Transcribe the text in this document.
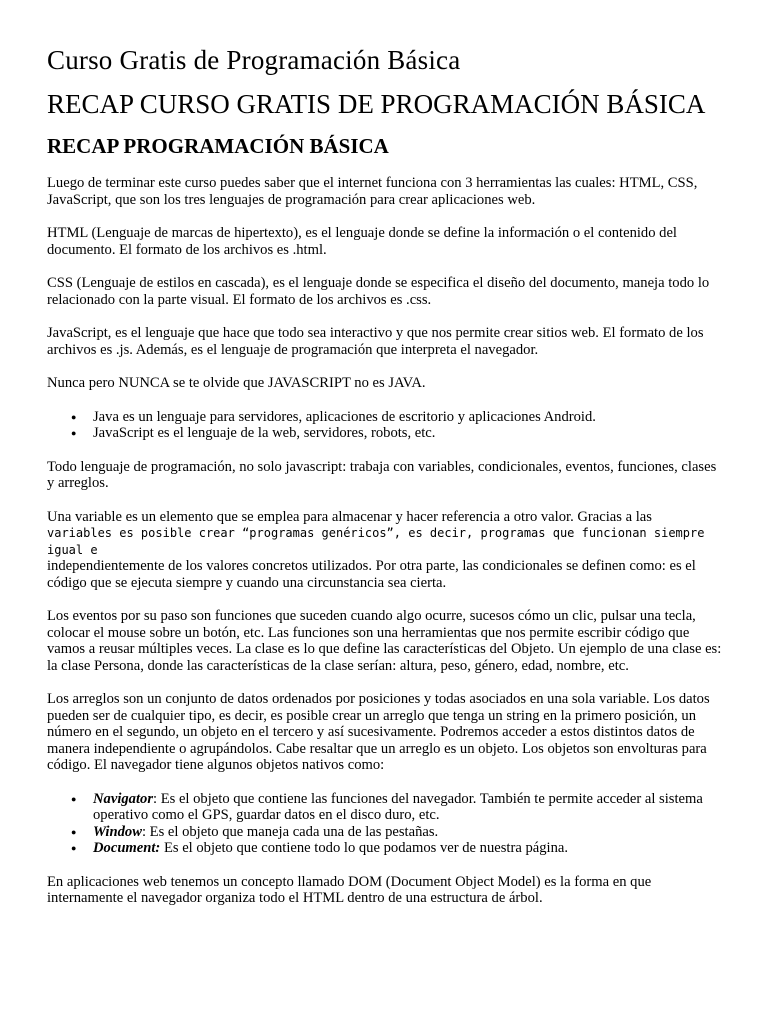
Curso Gratis de Programación Básica
RECAP CURSO GRATIS DE PROGRAMACIÓN BÁSICA
RECAP PROGRAMACIÓN BÁSICA

Luego de terminar este curso puedes saber que el internet funciona con 3 herramientas las cuales: HTML, CSS, JavaScript, que son los tres lenguajes de programación para crear aplicaciones web.

HTML (Lenguaje de marcas de hipertexto), es el lenguaje donde se define la información o el contenido del documento. El formato de los archivos es .html.

CSS (Lenguaje de estilos en cascada), es el lenguaje donde se especifica el diseño del documento, maneja todo lo relacionado con la parte visual. El formato de los archivos es .css.

JavaScript, es el lenguaje que hace que todo sea interactivo y que nos permite crear sitios web. El formato de los archivos es .js. Además, es el lenguaje de programación que interpreta el navegador.

Nunca pero NUNCA se te olvide que JAVASCRIPT no es JAVA.

● Java es un lenguaje para servidores, aplicaciones de escritorio y aplicaciones Android.
● JavaScript es el lenguaje de la web, servidores, robots, etc.

Todo lenguaje de programación, no solo javascript: trabaja con variables, condicionales, eventos, funciones, clases y arreglos.

Una variable es un elemento que se emplea para almacenar y hacer referencia a otro valor. Gracias a las
variables es posible crear “programas genéricos”, es decir, programas que funcionan siempre igual e
independientemente de los valores concretos utilizados. Por otra parte, las condicionales se definen como: es el código que se ejecuta siempre y cuando una circunstancia sea cierta.

Los eventos por su paso son funciones que suceden cuando algo ocurre, sucesos cómo un clic, pulsar una tecla, colocar el mouse sobre un botón, etc. Las funciones son una herramientas que nos permite escribir código que vamos a reusar múltiples veces. La clase es lo que define las características del Objeto. Un ejemplo de una clase es: la clase Persona, donde las características de la clase serían: altura, peso, género, edad, nombre, etc.

Los arreglos son un conjunto de datos ordenados por posiciones y todas asociados en una sola variable. Los datos pueden ser de cualquier tipo, es decir, es posible crear un arreglo que tenga un string en la primero posición, un número en el segundo, un objeto en el tercero y así sucesivamente. Podremos acceder a estos distintos datos de manera independiente o agrupándolos. Cabe resaltar que un arreglo es un objeto. Los objetos son envolturas para código. El navegador tiene algunos objetos nativos como:

● Navigator: Es el objeto que contiene las funciones del navegador. También te permite acceder al sistema operativo como el GPS, guardar datos en el disco duro, etc.
● Window: Es el objeto que maneja cada una de las pestañas.
● Document: Es el objeto que contiene todo lo que podamos ver de nuestra página.

En aplicaciones web tenemos un concepto llamado DOM (Document Object Model) es la forma en que internamente el navegador organiza todo el HTML dentro de una estructura de árbol.
